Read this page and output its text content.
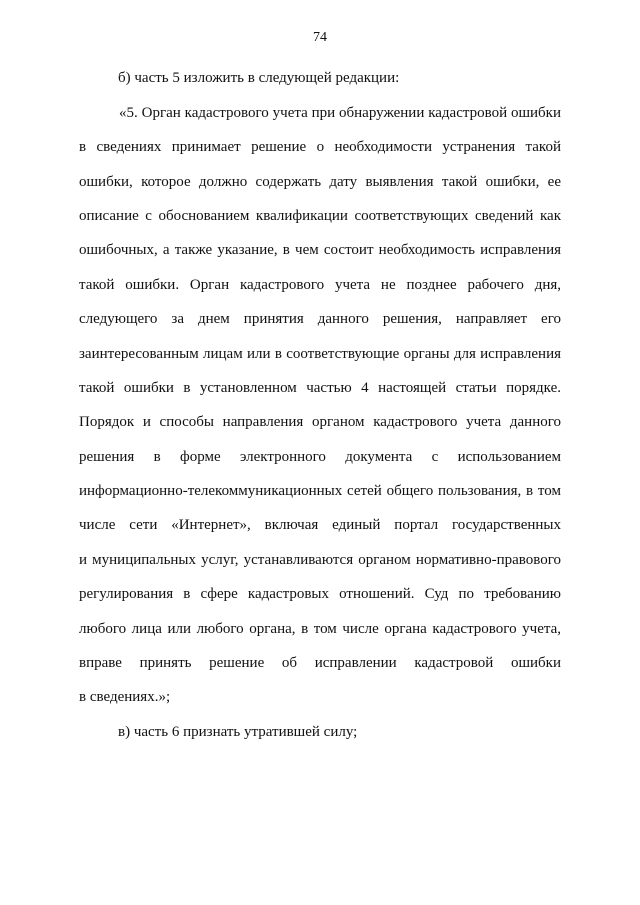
74
б) часть 5 изложить в следующей редакции:
«5. Орган кадастрового учета при обнаружении кадастровой ошибки
в сведениях принимает решение о необходимости устранения такой
ошибки, которое должно содержать дату выявления такой ошибки, ее
описание с обоснованием квалификации соответствующих сведений как
ошибочных, а также указание, в чем состоит необходимость исправления
такой ошибки. Орган кадастрового учета не позднее рабочего дня,
следующего за днем принятия данного решения, направляет его
заинтересованным лицам или в соответствующие органы для исправления
такой ошибки в установленном частью 4 настоящей статьи порядке.
Порядок и способы направления органом кадастрового учета данного
решения в форме электронного документа с использованием
информационно-телекоммуникационных сетей общего пользования, в том
числе сети «Интернет», включая единый портал государственных
и муниципальных услуг, устанавливаются органом нормативно-правового
регулирования в сфере кадастровых отношений. Суд по требованию
любого лица или любого органа, в том числе органа кадастрового учета,
вправе принять решение об исправлении кадастровой ошибки
в сведениях.»;
в) часть 6 признать утратившей силу;
